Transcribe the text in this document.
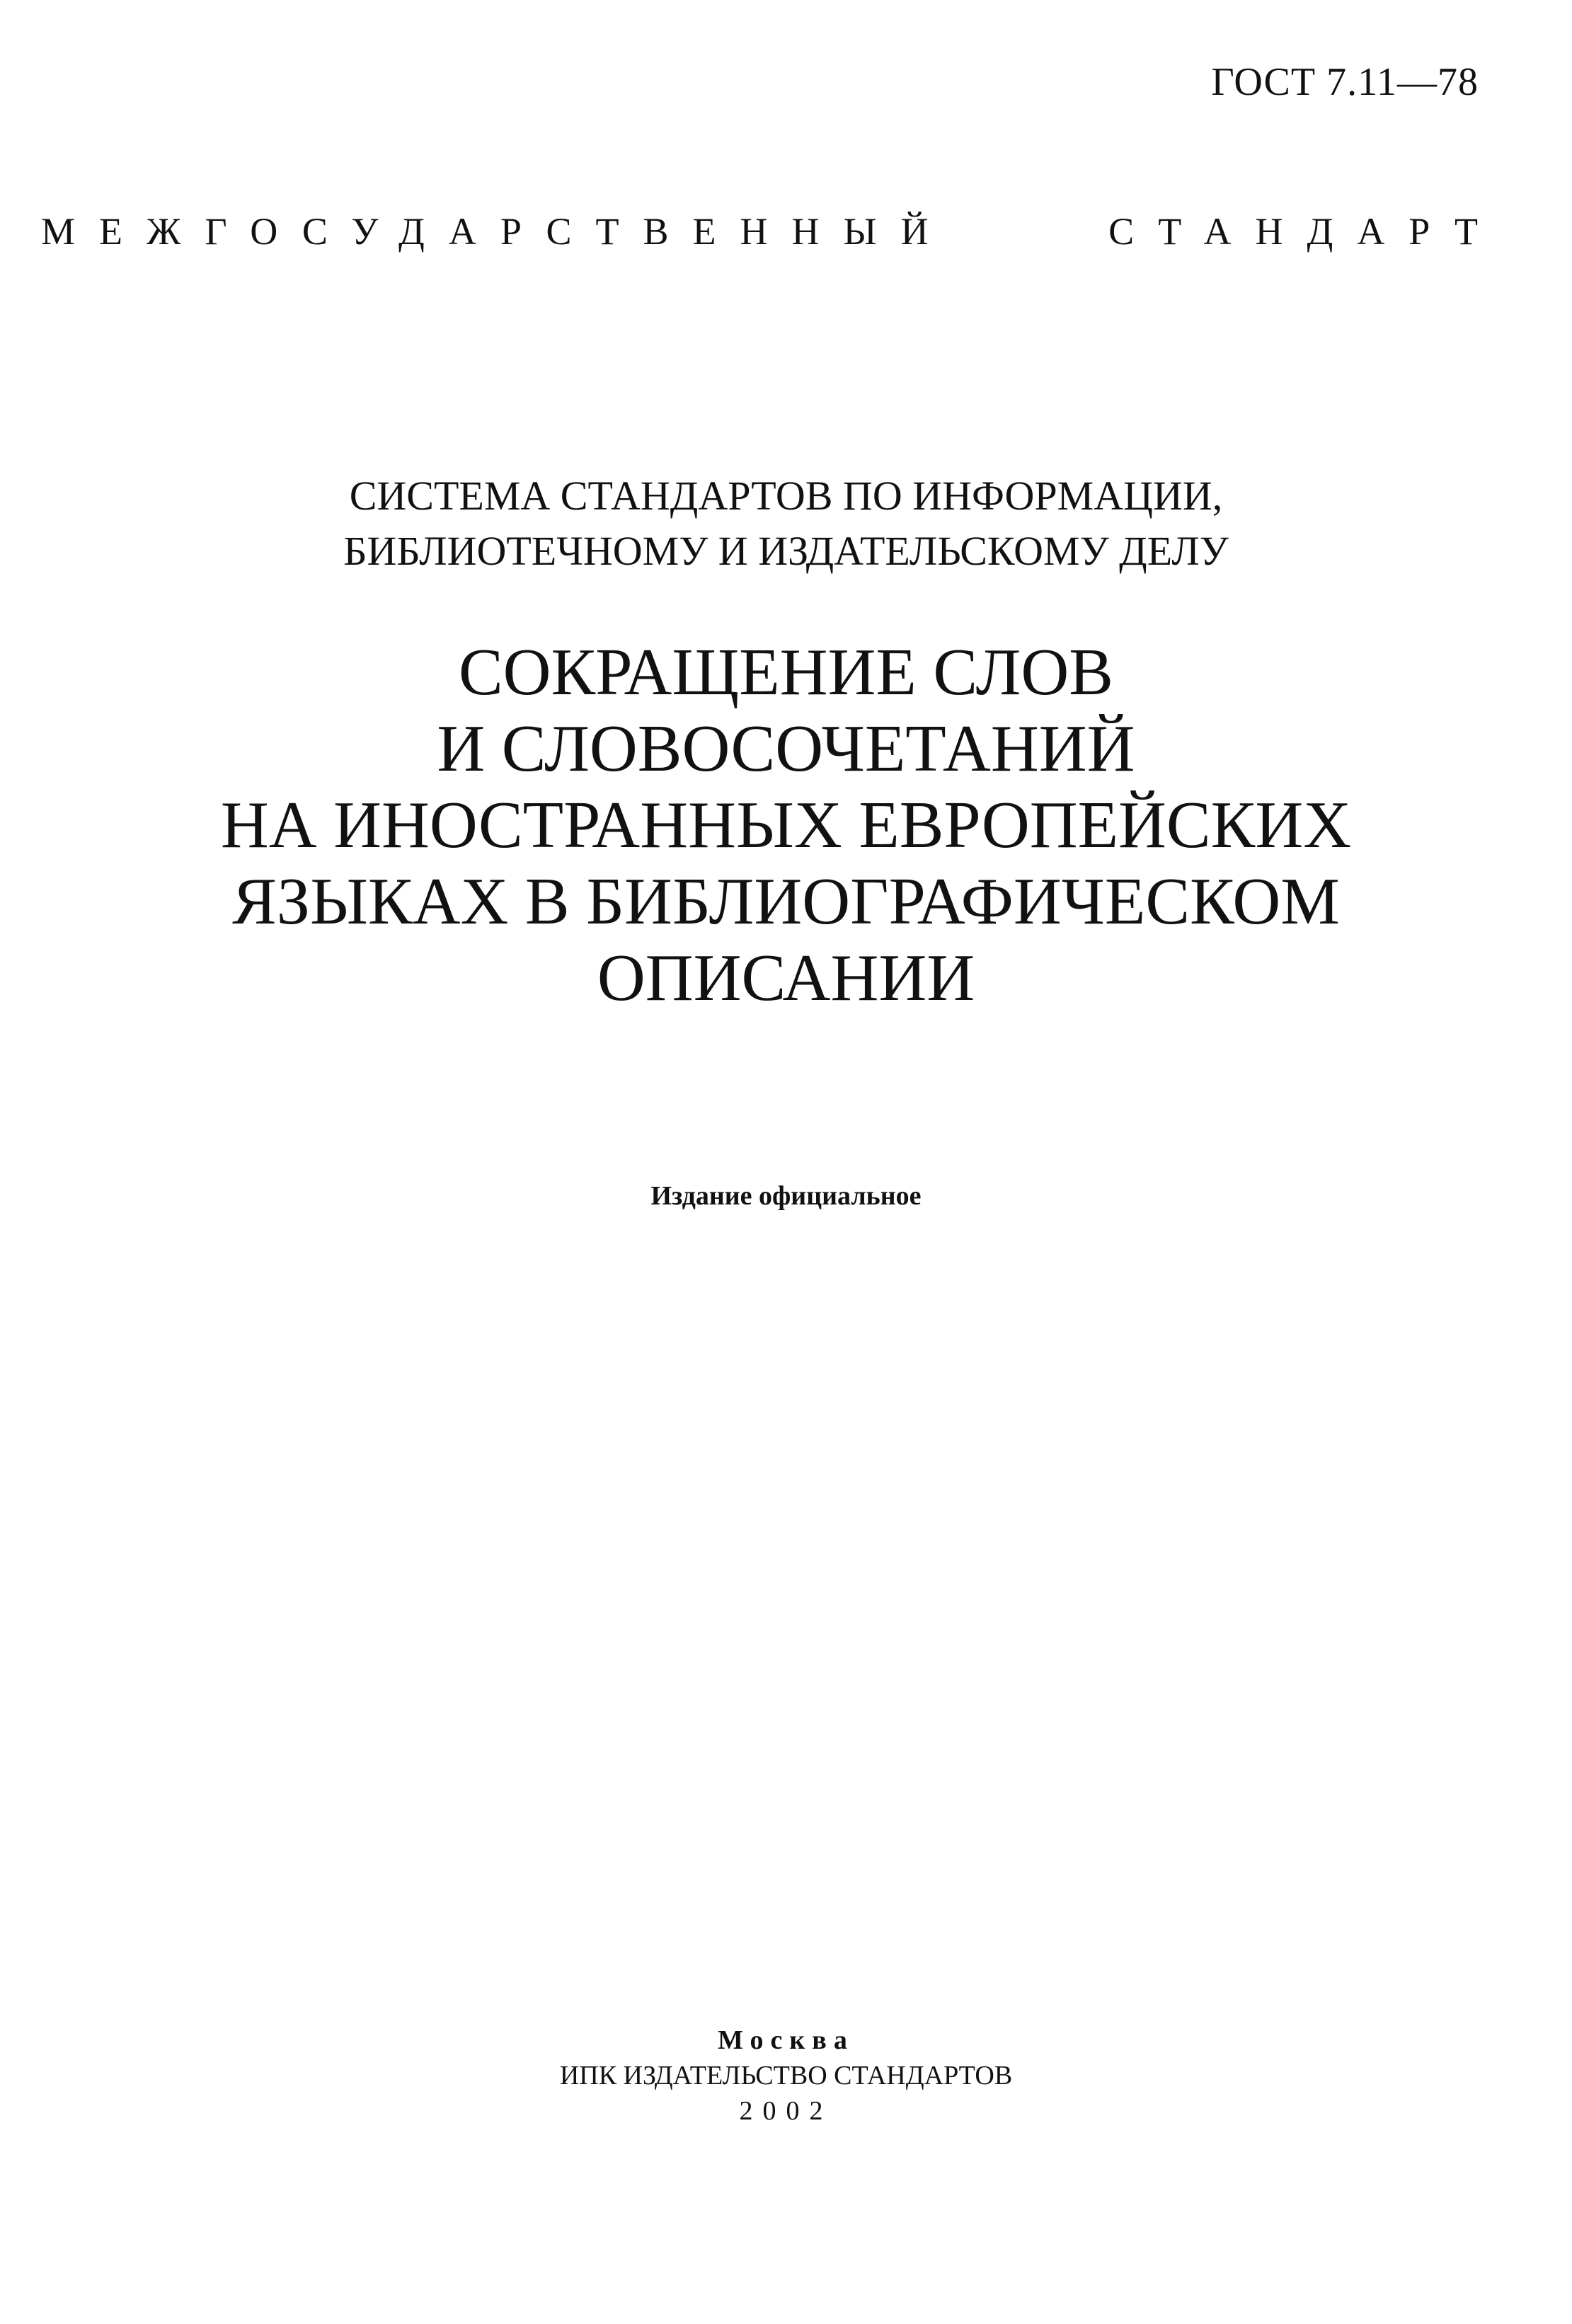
ГОСТ 7.11—78
МЕЖГОСУДАРСТВЕННЫЙ	СТАНДАРТ
СИСТЕМА СТАНДАРТОВ ПО ИНФОРМАЦИИ,
БИБЛИОТЕЧНОМУ И ИЗДАТЕЛЬСКОМУ ДЕЛУ
СОКРАЩЕНИЕ СЛОВ
И СЛОВОСОЧЕТАНИЙ
НА ИНОСТРАННЫХ ЕВРОПЕЙСКИХ
ЯЗЫКАХ В БИБЛИОГРАФИЧЕСКОМ
ОПИСАНИИ
Издание официальное
Москва
ИПК ИЗДАТЕЛЬСТВО СТАНДАРТОВ
2002
